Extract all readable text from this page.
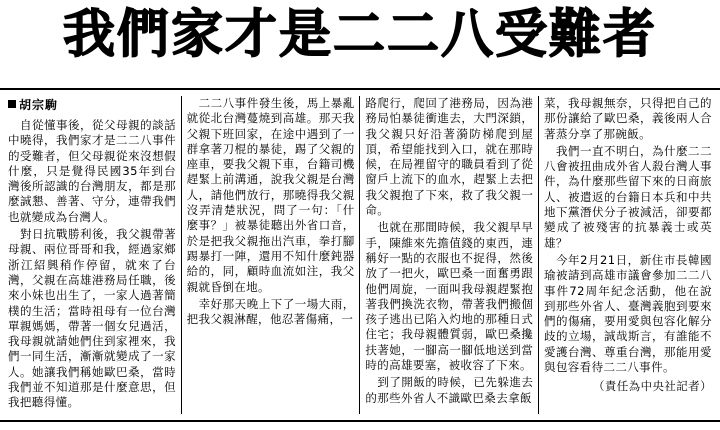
我們家才是二二八受難者
胡宗駒

自從懂事後，從父母親的談話中曉得，我們家才是二二八事件的受難者，但父母親從來沒想假什麼，只是覺得民國35年到台灣後所認識的台灣朋友，都是那麼誠懇、善著、守分，連帶我們也就變成為台灣人。

對日抗戰勝利後，我父親帶著母親、兩位哥哥和我，經過家鄉浙江紹興稍作停留，就來了台灣，父親在高雄港務局任職，後來小妹也出生了，一家人過著簡樸的生活；當時祖母有一位台灣單親媽媽，帶著一個女兒過活，我母親就請她們住到家裡來，我們一同生活，漸漸就變成了一家人。她讓我們稱她歐巴桑，當時我們並不知道那是什麼意思，但我把聽得懂。

二二八事件發生後，馬上暴亂就從北台灣蔓燒到高雄。那天我父親下班回家，在途中遇到了一群拿著刀棍的暴徒，踢了父親的座車，要我父親下車，台籍司機趕緊上前溝通，說我父親是台灣人，請他們放行，那曉得我父親沒弄清楚狀況，問了一句：「什麼事？」被暴徒聽出外省口音，於是把我父親拖出汽車，拳打腳踢暴打一陣，還用不知什麼鈍器給的，同，顧時血流如注，我父親就昏倒在地。

幸好那天晚上下了一場大雨，把我父親淋醒，他忍著傷痛，一

路爬行，爬回了港務局，因為港務局怕暴徒衝進去，大門深鎖，我父親只好沿著漪防梯爬到屋頂，希望能找到入口，就在那時候，在局裡留守的職員看到了從窗戶上流下的血水，趕緊上去把我父親抱了下來，救了我父親一命。

也就在那間時候，我父親早早手，陳維來先擔值錢的東西，連稱好一點的衣服也不捉得，然後放了一把火，歐巴桑一面奮勇跟他們周旋，一面叫我母親趕緊抱著我們換洗衣物，帶著我們搬個孩子逃出已陷入灼地的那種日式住宅；我母親體質弱，歐巴桑攙扶著她，一腳高一腳低地送到當時的高雄要塞，被收容了下來。

到了開飯的時候，已先躲進去的那些外省人不識歐巴桑去拿飯

菜，我母親無奈，只得把自己的那份讓給了歐巴桑，義後兩人合著蒸分享了那碗飯。

我們一直不明白，為什麼二二八會被扭曲成外省人殺台灣人事件，為什麼那些留下來的日商旅人、被遣返的台籍日本兵和中共地下黨潛伏分子被減活，卻要都變成了被殘害的抗暴義士或英雄？

今年2月21日，新住市長韓國瑜被請到高雄市議會參加二二八事件72周年紀念活動，他在說到那些外省人、臺灣義胞到要來們的傷痛，要用愛與包容化解分歧的立場，誠哉斯言，有誰能不愛護台灣、尊重台灣，那能用愛與包容看待二二八事件。

（責任為中央社記者）
